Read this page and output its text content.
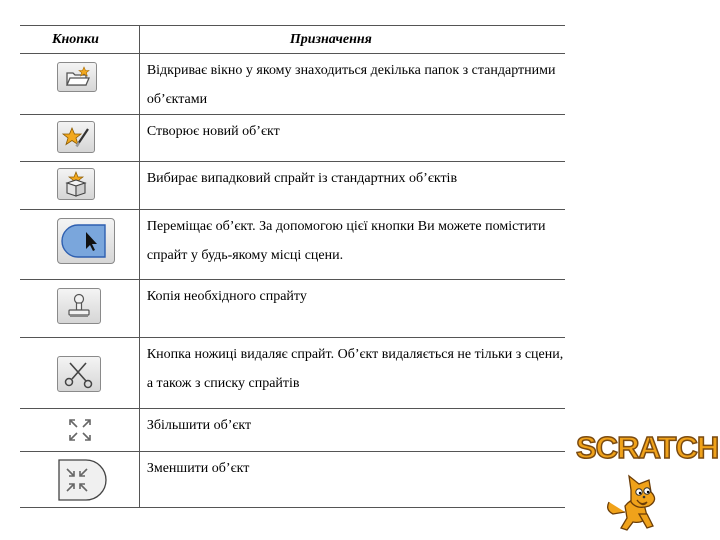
Кнопки	Призначення

	Відкриває вікно у якому знаходиться декілька папок з стандартними об’єктами

	Створює новий об’єкт

	Вибирає випадковий спрайт із стандартних об’єктів

	Переміщає об’єкт. За допомогою цієї кнопки Ви можете помістити спрайт у будь-якому місці сцени.

	Копія необхідного спрайту

	Кнопка ножиці видаляє спрайт. Об’єкт видаляється не тільки з сцени, а також з списку спрайтів

	Збільшити об’єкт

	Зменшити об’єкт
SCRATCH
